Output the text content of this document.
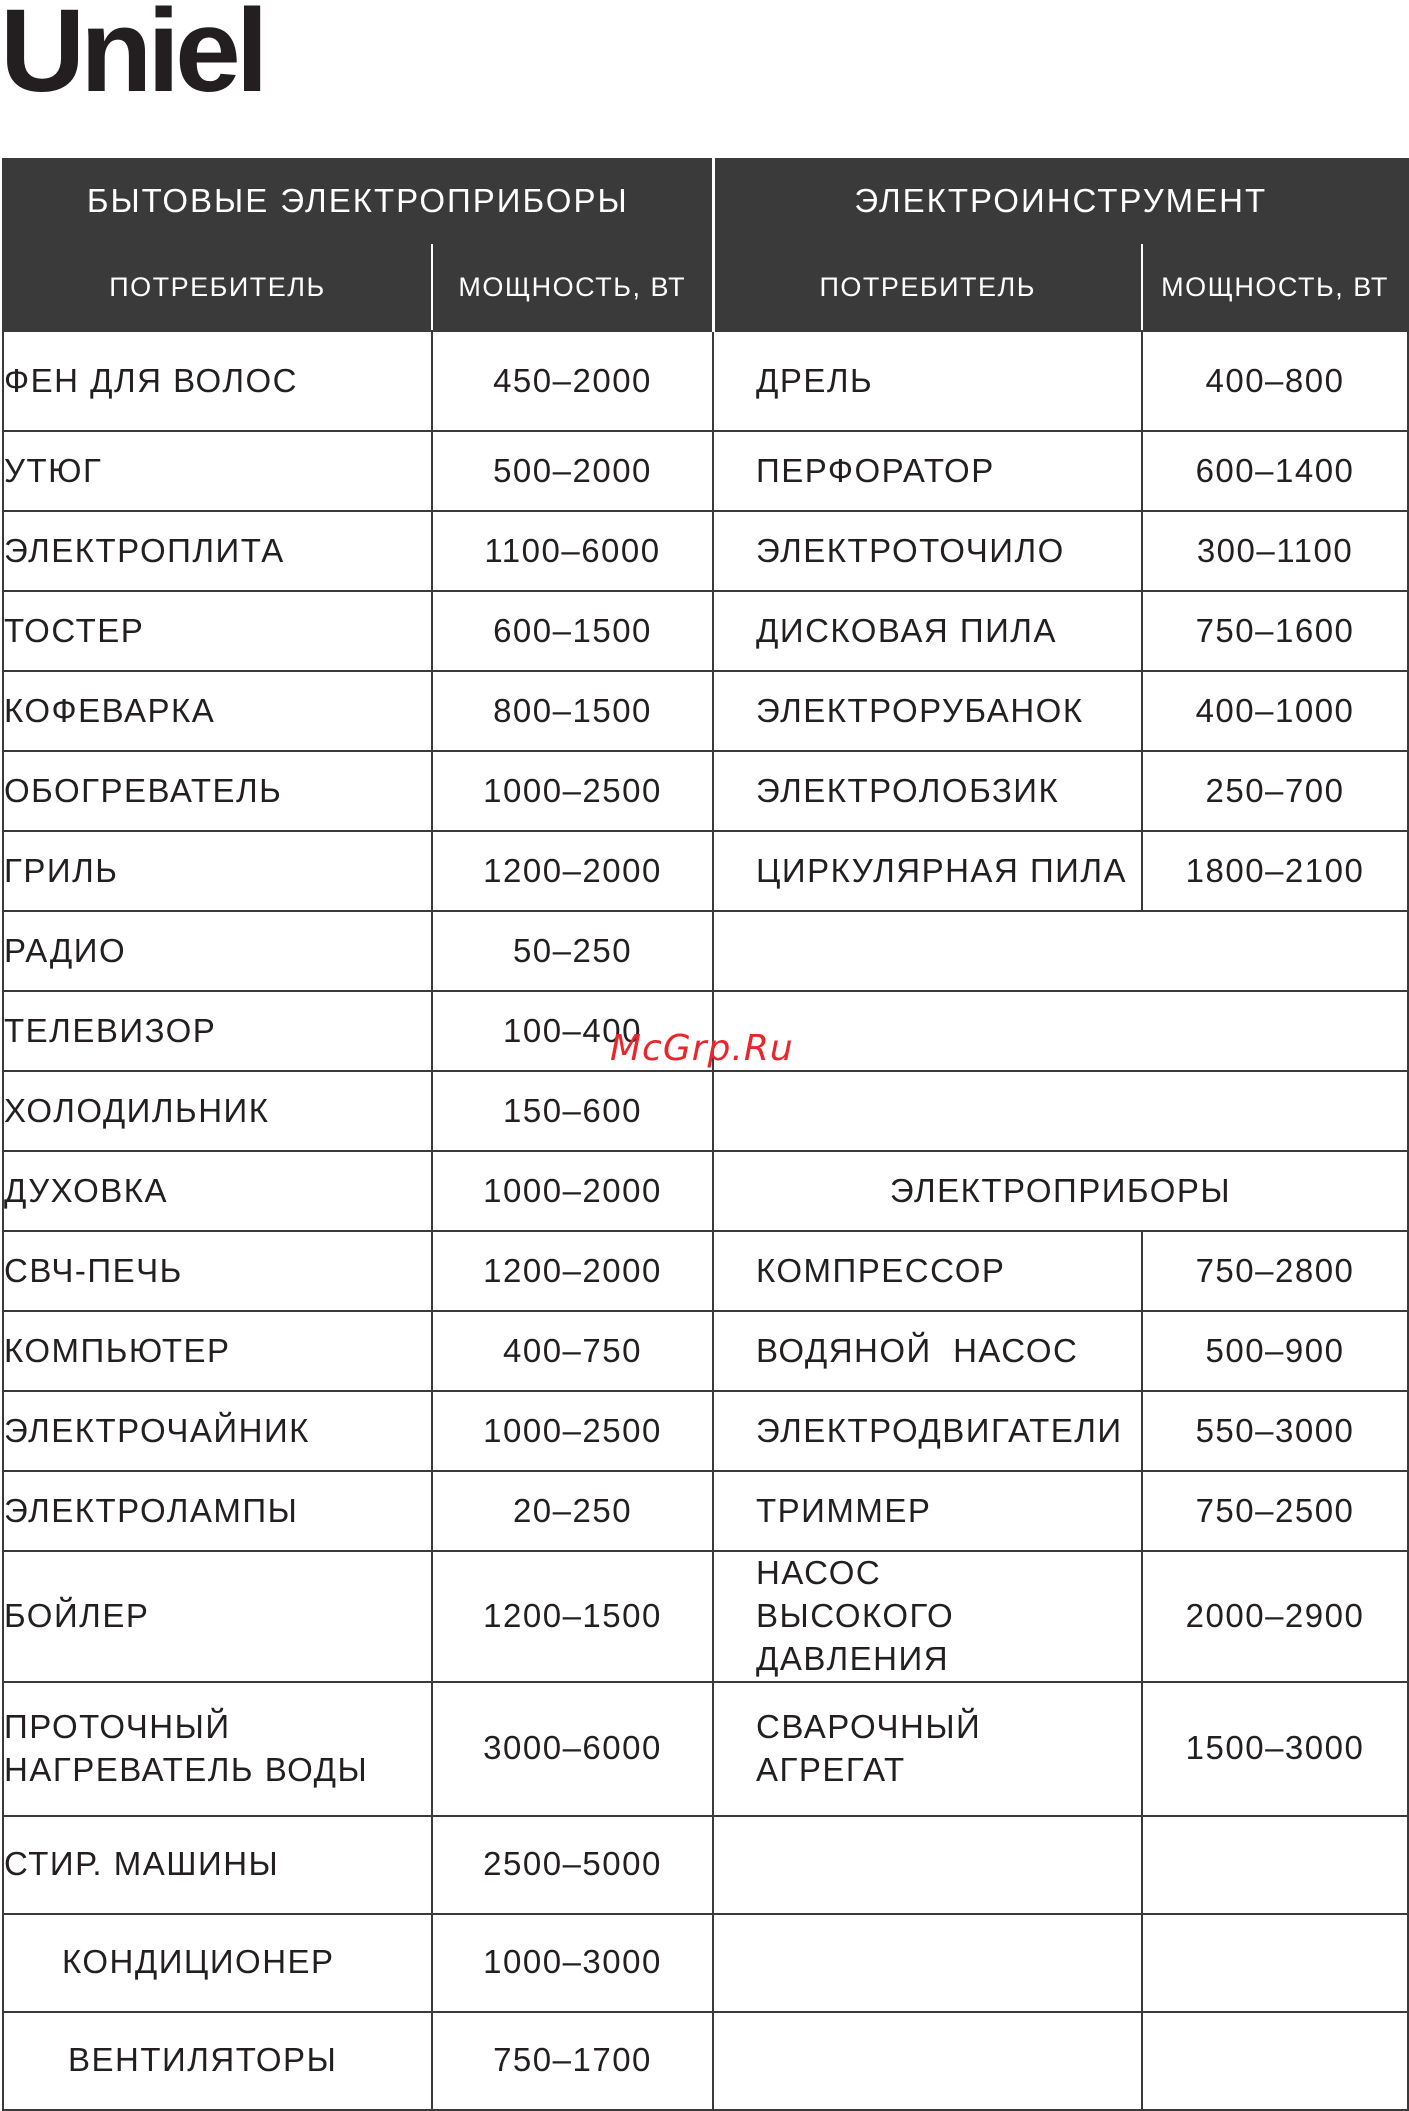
Uniel
БЫТОВЫЕ ЭЛЕКТРОПРИБОРЫ		ЭЛЕКТРОИНСТРУМЕНТ	
ПОТРЕБИТЕЛЬ	МОЩНОСТЬ, ВТ	ПОТРЕБИТЕЛЬ	МОЩНОСТЬ, ВТ
ФЕН ДЛЯ ВОЛОС	450–2000	ДРЕЛЬ	400–800
УТЮГ	500–2000	ПЕРФОРАТОР	600–1400
ЭЛЕКТРОПЛИТА	1100–6000	ЭЛЕКТРОТОЧИЛО	300–1100
ТОСТЕР	600–1500	ДИСКОВАЯ ПИЛА	750–1600
КОФЕВАРКА	800–1500	ЭЛЕКТРОРУБАНОК	400–1000
ОБОГРЕВАТЕЛЬ	1000–2500	ЭЛЕКТРОЛОБЗИК	250–700
ГРИЛЬ	1200–2000	ЦИРКУЛЯРНАЯ ПИЛА	1800–2100
РАДИО	50–250		
ТЕЛЕВИЗОР	100–400		
ХОЛОДИЛЬНИК	150–600		
ДУХОВКА	1000–2000	ЭЛЕКТРОПРИБОРЫ	
СВЧ-ПЕЧЬ	1200–2000	КОМПРЕССОР	750–2800
КОМПЬЮТЕР	400–750	ВОДЯНОЙ  НАСОС	500–900
ЭЛЕКТРОЧАЙНИК	1000–2500	ЭЛЕКТРОДВИГАТЕЛИ	550–3000
ЭЛЕКТРОЛАМПЫ	20–250	ТРИММЕР	750–2500
БОЙЛЕР	1200–1500	НАСОС ВЫСОКОГО ДАВЛЕНИЯ	2000–2900
ПРОТОЧНЫЙ НАГРЕВАТЕЛЬ ВОДЫ	3000–6000	СВАРОЧНЫЙ АГРЕГАТ	1500–3000
СТИР. МАШИНЫ	2500–5000		
КОНДИЦИОНЕР	1000–3000		
ВЕНТИЛЯТОРЫ	750–1700		
McGrp.Ru
